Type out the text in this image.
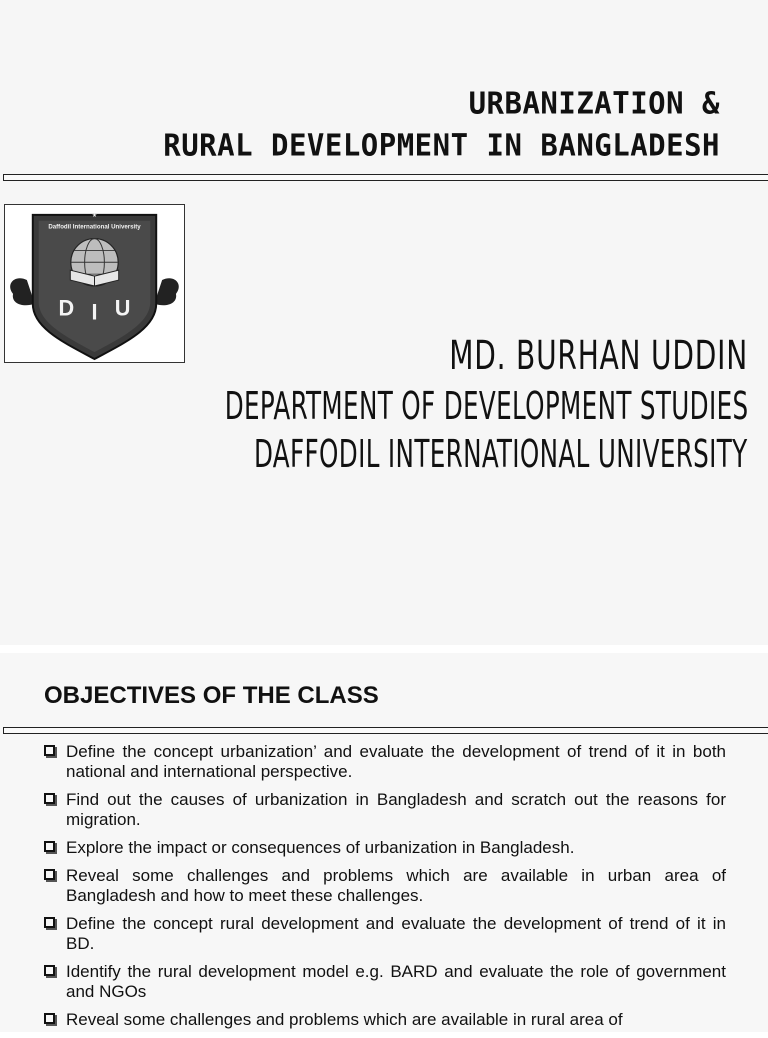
URBANIZATION &
RURAL DEVELOPMENT IN BANGLADESH
Daffodil International University
★
D I U
MD. BURHAN UDDIN
DEPARTMENT OF DEVELOPMENT STUDIES
DAFFODIL INTERNATIONAL UNIVERSITY
OBJECTIVES OF THE CLASS
Define the concept urbanization’ and evaluate the development of trend of it in both national and international perspective.
Find out the causes of urbanization in Bangladesh and scratch out the reasons for migration.
Explore the impact or consequences of urbanization in Bangladesh.
Reveal some challenges and problems which are available in urban area of Bangladesh and how to meet these challenges.
Define the concept rural development and evaluate the development of trend of it in BD.
Identify the rural development model e.g. BARD and evaluate the role of government and NGOs
Reveal some challenges and problems which are available in rural area of
